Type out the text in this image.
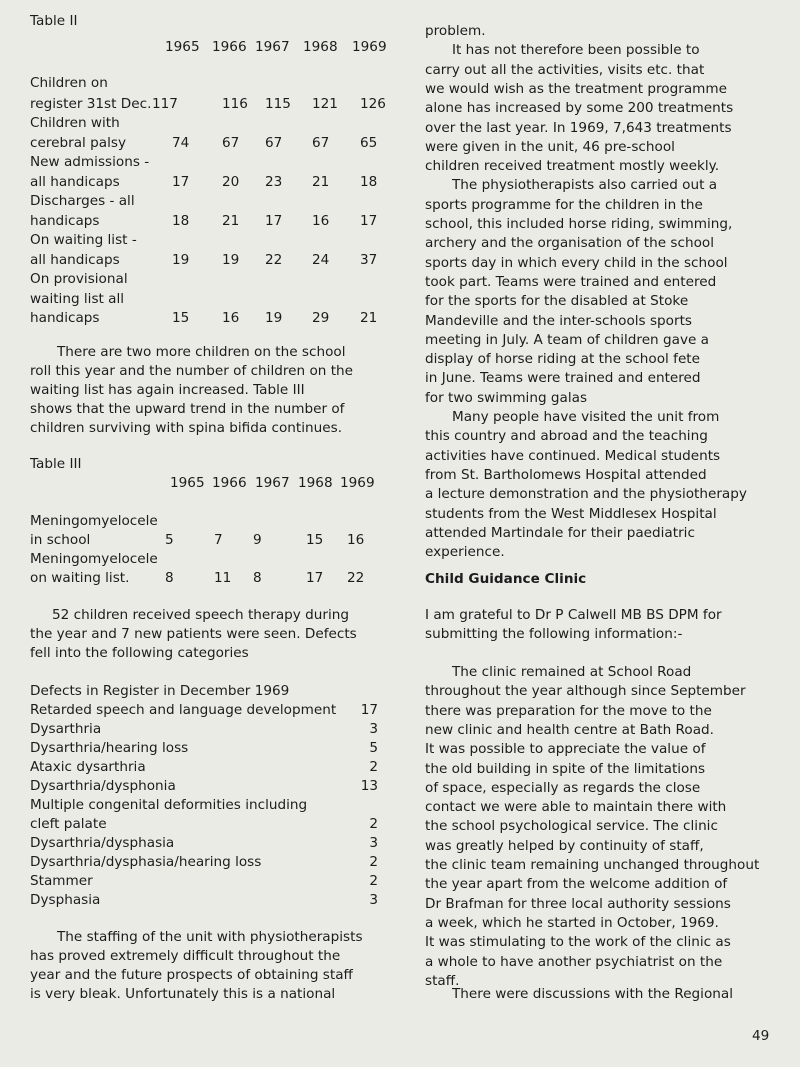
Table II
1965 1966 1967 1968 1969
Children on
register 31st Dec. 117	116 115 121 126
Children with
cerebral palsy	74 67 67 67 65
New admissions -
all handicaps	17 20 23 21 18
Discharges - all
handicaps	18 21 17 16 17
On waiting list -
all handicaps	19 19 22 24 37
On provisional
waiting list all
handicaps	15 16 19 29 21
There are two more children on the school
roll this year and the number of children on the
waiting list has again increased. Table III
shows that the upward trend in the number of
children surviving with spina bifida continues.
Table III
1965 1966 1967 1968 1969
Meningomyelocele
in school	5	7 9	15 16
Meningomyelocele
on waiting list.	8	11 8	17 22
52 children received speech therapy during
the year and 7 new patients were seen. Defects
fell into the following categories
Defects in Register in December 1969
Retarded speech and language development	17
Dysarthria	3
Dysarthria/hearing loss	5
Ataxic dysarthria	2
Dysarthria/dysphonia	13
Multiple congenital deformities including
cleft palate	2
Dysarthria/dysphasia	3
Dysarthria/dysphasia/hearing loss	2
Stammer	2
Dysphasia	3
The staffing of the unit with physiotherapists
has proved extremely difficult throughout the
year and the future prospects of obtaining staff
is very bleak. Unfortunately this is a national
problem.
It has not therefore been possible to
carry out all the activities, visits etc. that
we would wish as the treatment programme
alone has increased by some 200 treatments
over the last year. In 1969, 7,643 treatments
were given in the unit, 46 pre-school
children received treatment mostly weekly.
The physiotherapists also carried out a
sports programme for the children in the
school, this included horse riding, swimming,
archery and the organisation of the school
sports day in which every child in the school
took part. Teams were trained and entered
for the sports for the disabled at Stoke
Mandeville and the inter-schools sports
meeting in July. A team of children gave a
display of horse riding at the school fete
in June. Teams were trained and entered
for two swimming galas
Many people have visited the unit from
this country and abroad and the teaching
activities have continued. Medical students
from St. Bartholomews Hospital attended
a lecture demonstration and the physiotherapy
students from the West Middlesex Hospital
attended Martindale for their paediatric
experience.
Child Guidance Clinic
I am grateful to Dr P Calwell MB BS DPM for
submitting the following information:-
The clinic remained at School Road
throughout the year although since September
there was preparation for the move to the
new clinic and health centre at Bath Road.
It was possible to appreciate the value of
the old building in spite of the limitations
of space, especially as regards the close
contact we were able to maintain there with
the school psychological service. The clinic
was greatly helped by continuity of staff,
the clinic team remaining unchanged throughout
the year apart from the welcome addition of
Dr Brafman for three local authority sessions
a week, which he started in October, 1969.
It was stimulating to the work of the clinic as
a whole to have another psychiatrist on the
staff.
There were discussions with the Regional
49
